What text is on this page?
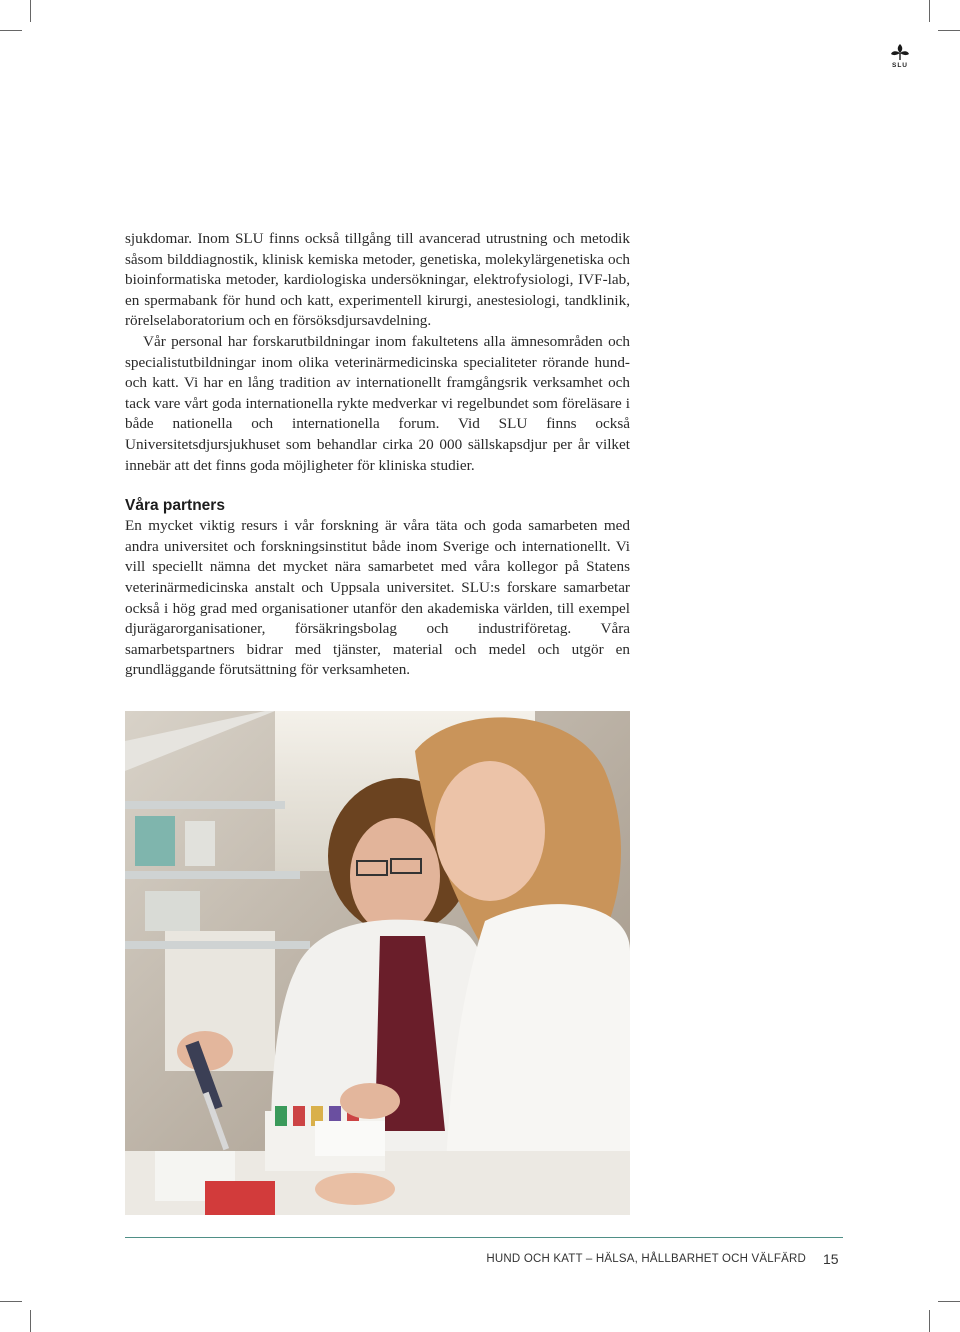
SLU

sjukdomar. Inom SLU finns också tillgång till avancerad utrustning och metodik såsom bilddiagnostik, klinisk kemiska metoder, genetiska, molekylärgenetiska och bioinformatiska metoder, kardiologiska undersökningar, elektrofysiologi, IVF-lab, en spermabank för hund och katt, experimentell kirurgi, anestesiologi, tandklinik, rörelselaboratorium och en försöksdjursavdelning.

Vår personal har forskarutbildningar inom fakultetens alla ämnesområden och specialistutbildningar inom olika veterinärmedicinska specialiteter rörande hund- och katt. Vi har en lång tradition av internationellt framgångsrik verksamhet och tack vare vårt goda internationella rykte medverkar vi regelbundet som föreläsare i både nationella och internationella forum. Vid SLU finns också Universitetsdjursjukhuset som behandlar cirka 20 000 sällskapsdjur per år vilket innebär att det finns goda möjligheter för kliniska studier.

Våra partners

En mycket viktig resurs i vår forskning är våra täta och goda samarbeten med andra universitet och forskningsinstitut både inom Sverige och internationellt. Vi vill speciellt nämna det mycket nära samarbetet med våra kollegor på Statens veterinärmedicinska anstalt och Uppsala universitet. SLU:s forskare samarbetar också i hög grad med organisationer utanför den akademiska världen, till exempel djurägarorganisationer, försäkringsbolag och industriföretag. Våra samarbetspartners bidrar med tjänster, material och medel och utgör en grundläggande förutsättning för verksamheten.

HUND OCH KATT – HÄLSA, HÅLLBARHET OCH VÄLFÄRD 15
